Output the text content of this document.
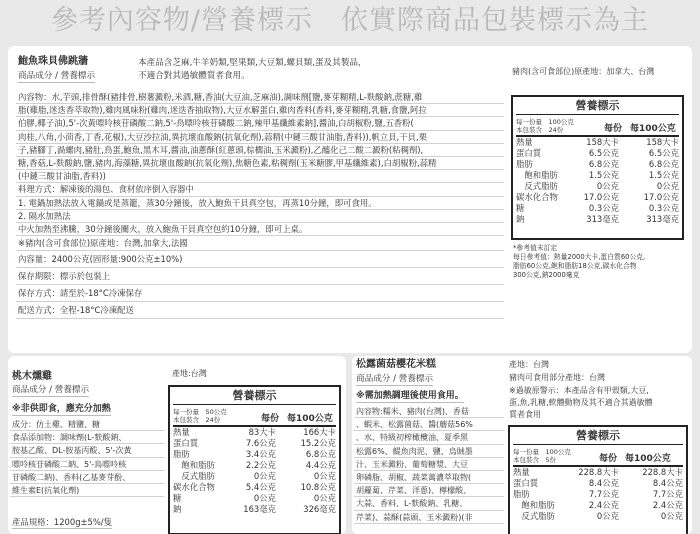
參考內容物/營養標示　依實際商品包裝標示為主
鮑魚珠貝佛跳牆
商品成分 / 營養標示
本產品含芝麻,牛羊奶類,堅果類,大豆類,螺貝類,蛋及其製品，
不適合對其過敏體質者食用。	豬肉(含可食部位)原產地：加拿大、台灣
內容物：水,芋頭,排骨酥(豬排骨,樹薯澱粉,米酒,糖,香油(大豆油,芝麻油),調味劑[鹽,麥芽糊精,L-麩酸鈉,蔗糖,雞
脂(雞脂,迷迭香萃取物),雞肉風味粉(雞肉,迷迭香抽取物),大豆水解蛋白,雞肉香料(香料,麥芽糊精,乳糖,食鹽,阿拉
伯膠,椰子油),5'-次黃嘌呤核苷磷酸二鈉,5'-鳥嘌呤核苷磷酸二鈉,辣甲基纖維素鈉],醬油,白胡椒粉,鹽,五香粉(
肉桂,八角,小茴香,丁香,花椒),大豆沙拉油,異抗壞血酸鈉(抗氧化劑),蒜精(中鏈三酸甘油脂,香料)),帆立貝,干貝,栗
子,豬腳丁,渦螺肉,豬肚,鳥蛋,鮑魚,黑木耳,醬油,油蔥酥(紅蔥頭,棕櫚油,玉米澱粉),乙醯化己二酸二澱粉(粘稠劑),
糖,香菇,L-麩酸鈉,鹽,豬肉,海藻糖,異抗壞血酸鈉(抗氧化劑),焦糖色素,粘稠劑(玉米糖膠,甲基纖維素),白胡椒粉,蒜精
(中鏈三酸甘油脂,香料))
料理方式：解凍後的湯包、食材依序倒入容器中
1. 電鍋加熱法放入電鍋或是蒸籠，蒸30分鐘後，放入鮑魚干貝真空包，再蒸10分鐘，即可食用。
2. 隔水加熱法
中火加熱至沸騰，30分鐘後關火，放入鮑魚干貝真空包約10分鐘，即可上桌。
※豬肉(含可食部位)原產地：台灣,加拿大,法國
內容量：2400公克(固形量:900公克±10%)
保存期限：標示於包裝上
保存方式：請至於-18°C冷凍保存
配送方式：全程-18°C冷凍配送
營養標示
每一份量　100公克
本包裝含　24份	每份 每100公克
熱量	158大卡	158大卡
蛋白質	6.5公克	6.5公克
脂肪	6.8公克	6.8公克
　飽和脂肪	1.5公克	1.5公克
　反式脂肪	0公克	0公克
碳水化合物	17.0公克	17.0公克
糖	0.3公克	0.3公克
鈉	313毫克	313毫克
*參考值未訂定
每日參考值：熱量2000大卡,蛋白質60公克,
脂肪60公克,飽和脂肪18公克,碳水化合物
300公克,鈉2000毫克
桃木燻雞
商品成分 / 營養標示
產地:台灣
※非供即食，應充分加熱
成分：仿土雞、精鹽、糖
食品添加物：調味劑(L-麩酸鈉、
胺基乙酸、DL-胺基丙酸、5'-次黃
嘌呤核苷磷酸二鈉、5'-鳥嘌呤核
苷磷酸二鈉)、香料(乙基麥芽酚、
維生素E(抗氧化劑)
產品規格：1200g±5%/隻
營養標示
每一份量　50公克
本包裝含　24份	每份 每100公克
熱量	83大卡	166大卡
蛋白質	7.6公克	15.2公克
脂肪	3.4公克	6.8公克
　飽和脂肪	2.2公克	4.4公克
　反式脂肪	0公克	0公克
碳水化合物	5.4公克	10.8公克
糖	0公克	0公克
鈉	163毫克	326毫克
松露菌菇櫻花米糕
商品成分 / 營養標示
產地：台灣
豬肉可食用部分產地：台灣
※過敏原警示：本產品含有甲殼類,大豆,
蛋,魚,乳糖,軟體動物及其不適合其過敏體
質者食用
※需加熱調理後使用食用。
內容物:糯米、豬肉(台灣)、香菇
、蝦米、松露菌菇、醬(蘑菇56%
、水、特級初榨橄欖油、夏季黑
松露6%、鯷魚肉泥、鹽、烏賊墨
汁、玉米澱粉、葡萄糖漿、大豆
卵磷脂、胡椒、蔬菜萬濃萃取物(
胡蘿蔔、芹菜、洋蔥)、檸檬酸、
大蒜、香料、L-麩酸鈉、乳糖、
芹菜)、蒜酥(蒜頭、玉米澱粉)(非
營養標示
每一份量　100公克
本包裝含　5份	每份 每100公克
熱量	228.8大卡	228.8大卡
蛋白質	8.4公克	8.4公克
脂肪	7.7公克	7.7公克
　飽和脂肪	2.4公克	2.4公克
　反式脂肪	0公克	0公克
